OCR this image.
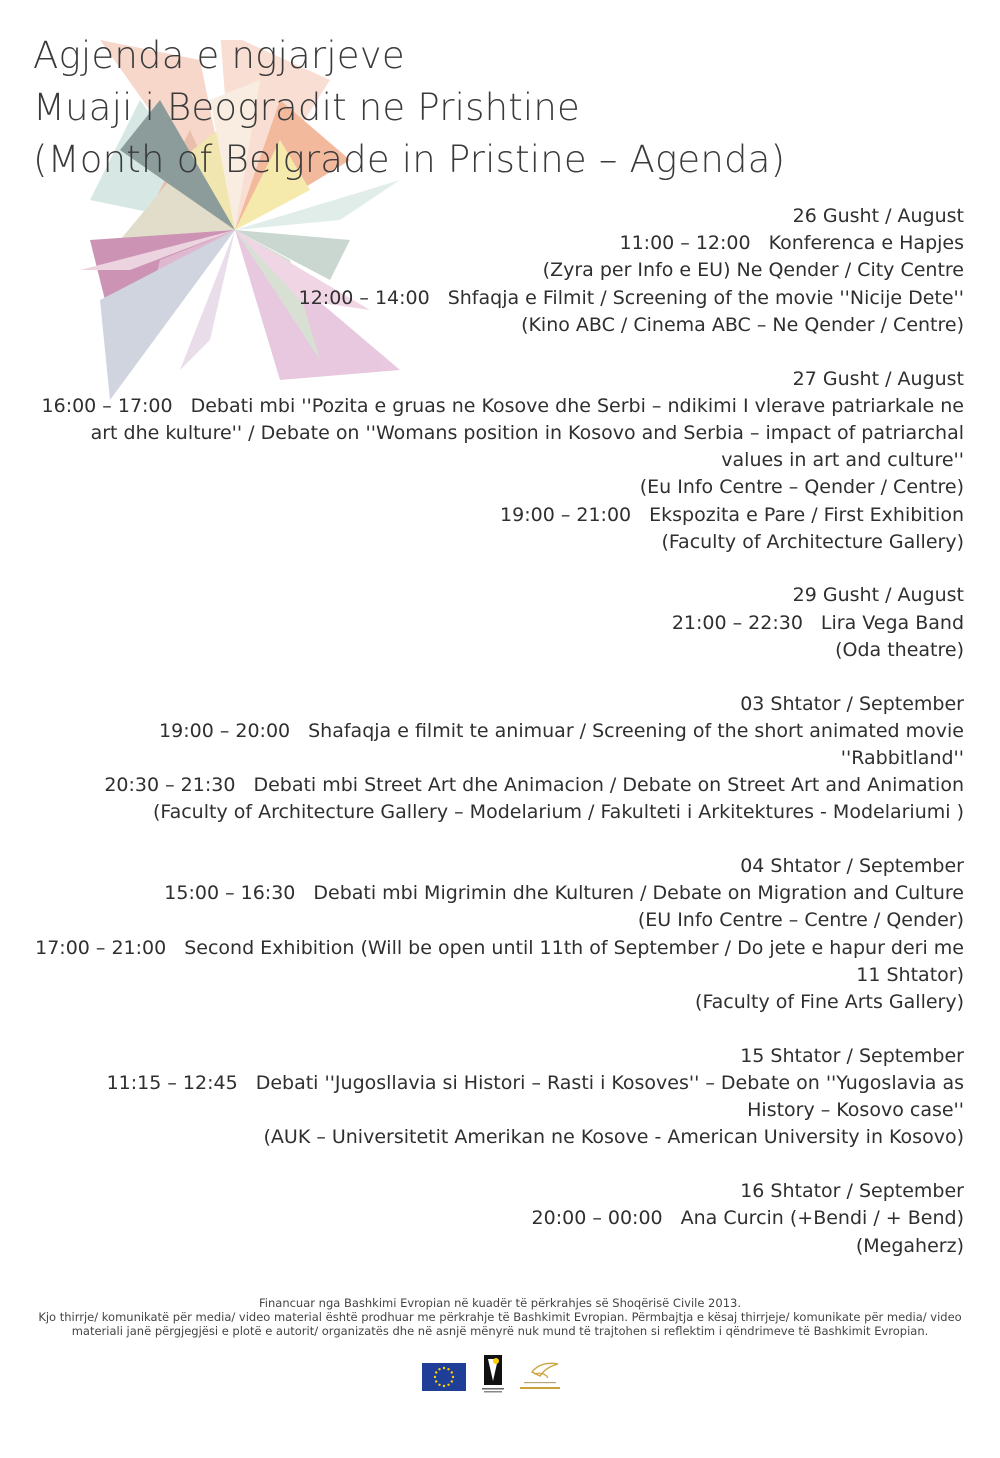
Agjenda e ngjarjeve
Muaji i Beogradit ne Prishtine
(Month of Belgrade in Pristine – Agenda)
26 Gusht / August
11:00 – 12:00 Konferenca e Hapjes
(Zyra per Info e EU) Ne Qender / City Centre
12:00 – 14:00 Shfaqja e Filmit / Screening of the movie ''Nicije Dete''
(Kino ABC / Cinema ABC – Ne Qender / Centre)
27 Gusht / August
16:00 – 17:00 Debati mbi ''Pozita e gruas ne Kosove dhe Serbi – ndikimi I vlerave patriarkale ne art dhe kulture'' / Debate on ''Womans position in Kosovo and Serbia – impact of patriarchal values in art and culture''
(Eu Info Centre – Qender / Centre)
19:00 – 21:00 Ekspozita e Pare / First Exhibition
(Faculty of Architecture Gallery)
29 Gusht / August
21:00 – 22:30 Lira Vega Band
(Oda theatre)
03 Shtator / September
19:00 – 20:00 Shafaqja e filmit te animuar / Screening of the short animated movie ''Rabbitland''
20:30 – 21:30 Debati mbi Street Art dhe Animacion / Debate on Street Art and Animation
(Faculty of Architecture Gallery – Modelarium / Fakulteti i Arkitektures - Modelariumi )
04 Shtator / September
15:00 – 16:30 Debati mbi Migrimin dhe Kulturen / Debate on Migration and Culture
(EU Info Centre – Centre / Qender)
17:00 – 21:00 Second Exhibition (Will be open until 11th of September / Do jete e hapur deri me 11 Shtator)
(Faculty of Fine Arts Gallery)
15 Shtator / September
11:15 – 12:45 Debati ''Jugosllavia si Histori – Rasti i Kosoves'' – Debate on ''Yugoslavia as History – Kosovo case''
(AUK – Universitetit Amerikan ne Kosove - American University in Kosovo)
16 Shtator / September
20:00 – 00:00 Ana Curcin (+Bendi / + Bend)
(Megaherz)
Financuar nga Bashkimi Evropian në kuadër të përkrahjes së Shoqërisë Civile 2013.
Kjo thirrje/ komunikatë për media/ video material është prodhuar me përkrahje të Bashkimit Evropian. Përmbajtja e kësaj thirrjeje/ komunikate për media/ video materiali janë përgjegjësi e plotë e autorit/ organizatës dhe në asnjë mënyrë nuk mund të trajtohen si reflektim i qëndrimeve të Bashkimit Evropian.
